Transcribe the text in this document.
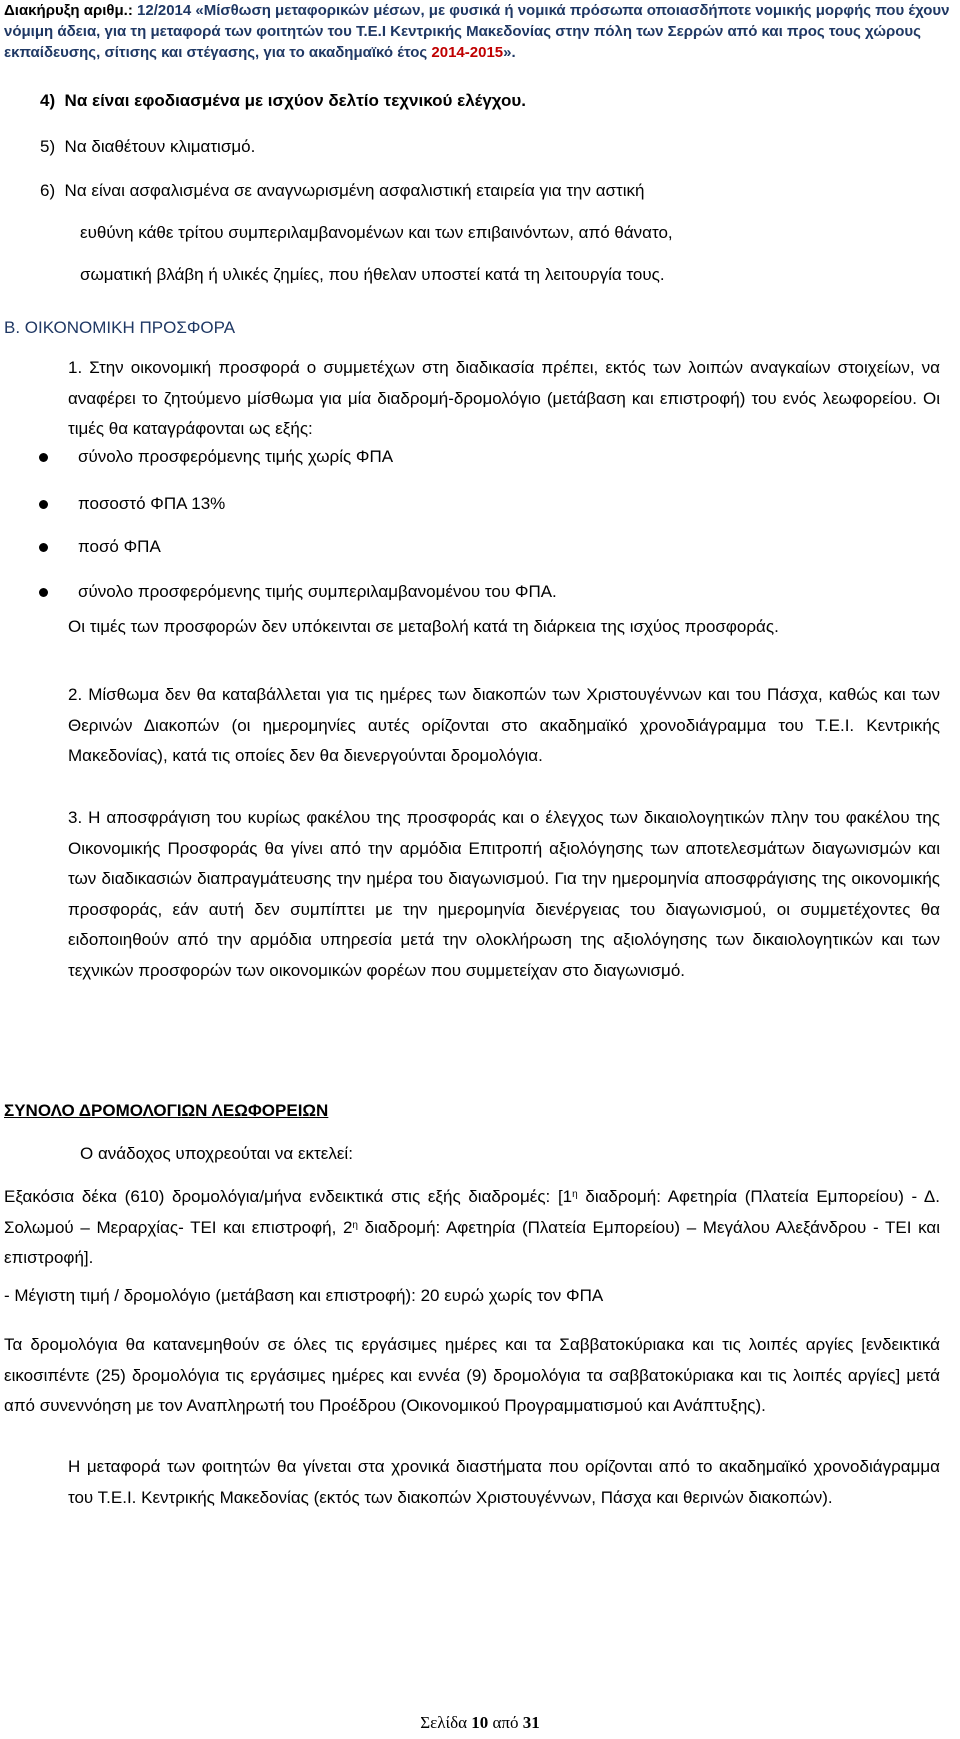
Διακήρυξη αριθμ.: 12/2014 «Μίσθωση μεταφορικών μέσων, με φυσικά ή νομικά πρόσωπα οποιασδήποτε νομικής μορφής που έχουν νόμιμη άδεια, για τη μεταφορά των φοιτητών του Τ.Ε.Ι Κεντρικής Μακεδονίας στην πόλη των Σερρών από και προς τους χώρους εκπαίδευσης, σίτισης και στέγασης, για το ακαδημαϊκό έτος 2014-2015».
4)  Να είναι εφοδιασμένα με ισχύον δελτίο τεχνικού ελέγχου.
5)  Να διαθέτουν κλιματισμό.
6)  Να είναι ασφαλισμένα σε αναγνωρισμένη ασφαλιστική εταιρεία για την αστική
ευθύνη κάθε τρίτου συμπεριλαμβανομένων και των επιβαινόντων, από θάνατο,
σωματική βλάβη ή υλικές ζημίες, που ήθελαν υποστεί κατά τη λειτουργία τους.
Β. ΟΙΚΟΝΟΜΙΚΗ ΠΡΟΣΦΟΡΑ
1. Στην οικονομική προσφορά ο συμμετέχων στη διαδικασία πρέπει, εκτός των λοιπών αναγκαίων στοιχείων, να αναφέρει το ζητούμενο μίσθωμα για μία διαδρομή-δρομολόγιο (μετάβαση και επιστροφή) του ενός λεωφορείου. Οι τιμές θα καταγράφονται ως εξής:
σύνολο προσφερόμενης τιμής χωρίς ΦΠΑ
ποσοστό ΦΠΑ 13%
ποσό ΦΠΑ
σύνολο προσφερόμενης τιμής συμπεριλαμβανομένου του ΦΠΑ.
Οι τιμές των προσφορών δεν υπόκεινται σε μεταβολή κατά τη διάρκεια της ισχύος προσφοράς.
2. Μίσθωμα δεν θα καταβάλλεται για τις ημέρες των διακοπών των Χριστουγέννων και του Πάσχα, καθώς και των Θερινών Διακοπών (οι ημερομηνίες αυτές ορίζονται στο ακαδημαϊκό χρονοδιάγραμμα του Τ.Ε.Ι. Κεντρικής Μακεδονίας), κατά τις οποίες δεν θα διενεργούνται δρομολόγια.
3. Η αποσφράγιση του κυρίως φακέλου της προσφοράς και ο έλεγχος των δικαιολογητικών πλην του φακέλου της Οικονομικής Προσφοράς θα γίνει από την αρμόδια Επιτροπή αξιολόγησης των αποτελεσμάτων διαγωνισμών και των διαδικασιών διαπραγμάτευσης την ημέρα του διαγωνισμού. Για την ημερομηνία αποσφράγισης της οικονομικής προσφοράς, εάν αυτή δεν συμπίπτει με την ημερομηνία διενέργειας του διαγωνισμού, οι συμμετέχοντες θα ειδοποιηθούν από την αρμόδια υπηρεσία μετά την ολοκλήρωση της αξιολόγησης των δικαιολογητικών και των τεχνικών προσφορών των οικονομικών φορέων που συμμετείχαν στο διαγωνισμό.
ΣΥΝΟΛΟ ΔΡΟΜΟΛΟΓΙΩΝ ΛΕΩΦΟΡΕΙΩΝ
Ο ανάδοχος υποχρεούται να εκτελεί:
Εξακόσια δέκα (610) δρομολόγια/μήνα ενδεικτικά στις εξής διαδρομές: [$1^\eta$ διαδρομή: Αφετηρία (Πλατεία Εμπορείου) - Δ. Σολωμού – Μεραρχίας- ΤΕΙ και επιστροφή, $2^\eta$ διαδρομή: Αφετηρία (Πλατεία Εμπορείου) – Μεγάλου Αλεξάνδρου - ΤΕΙ και επιστροφή].
- Μέγιστη τιμή / δρομολόγιο (μετάβαση και επιστροφή): 20 ευρώ χωρίς τον ΦΠΑ
Τα δρομολόγια θα κατανεμηθούν σε όλες τις εργάσιμες ημέρες και τα Σαββατοκύριακα και τις λοιπές αργίες [ενδεικτικά εικοσιπέντε (25) δρομολόγια τις εργάσιμες ημέρες και εννέα (9) δρομολόγια τα σαββατοκύριακα και τις λοιπές αργίες] μετά από συνεννόηση με τον Αναπληρωτή του Προέδρου (Οικονομικού Προγραμματισμού και Ανάπτυξης).
Η μεταφορά των φοιτητών θα γίνεται στα χρονικά διαστήματα που ορίζονται από το ακαδημαϊκό χρονοδιάγραμμα του Τ.Ε.Ι. Κεντρικής Μακεδονίας (εκτός των διακοπών Χριστουγέννων, Πάσχα και θερινών διακοπών).
Σελίδα 10 από 31
